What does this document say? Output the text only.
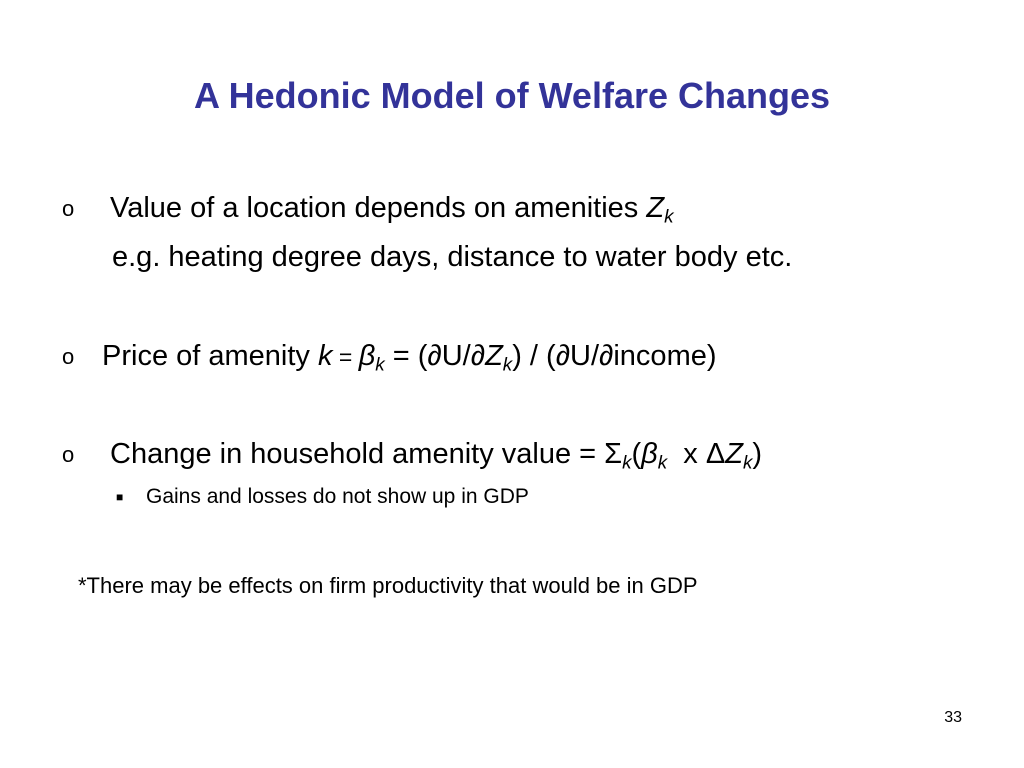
A Hedonic Model of Welfare Changes
o Value of a location depends on amenities $Z_k$
e.g. heating degree days, distance to water body etc.
o Price of amenity $k = \beta_k = (\partial U/\partial Z_k)$ / (∂U/∂income)
o Change in household amenity value = $\Sigma_k(\beta_k$  x $\Delta Z_k$)
■ Gains and losses do not show up in GDP
*There may be effects on firm productivity that would be in GDP
33
